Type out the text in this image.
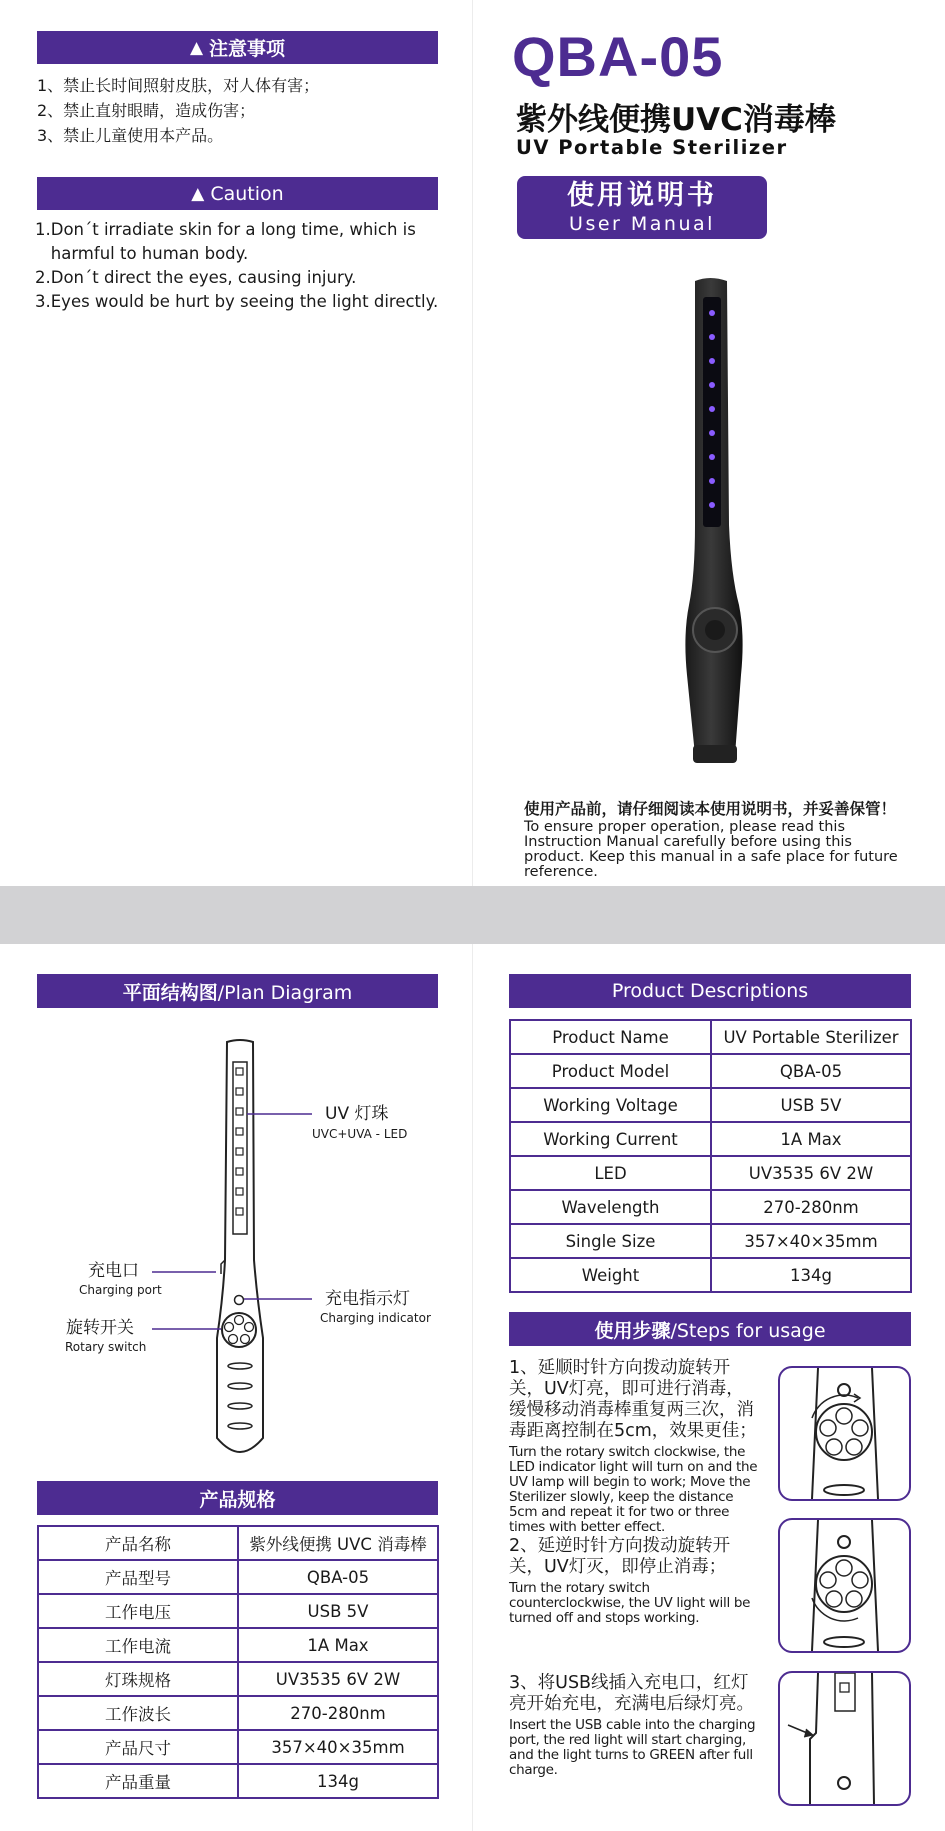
▲ 注意事项
1、禁止长时间照射皮肤，对人体有害；
2、禁止直射眼睛，造成伤害；
3、禁止儿童使用本产品。
▲ Caution
1. Don´t irradiate skin for a long time, which is harmful to human body.
2. Don´t direct the eyes, causing injury.
3. Eyes would be hurt by seeing the light directly.
QBA-05
紫外线便携UVC消毒棒
UV Portable Sterilizer
使用说明书
User Manual
使用产品前，请仔细阅读本使用说明书，并妥善保管！
To ensure proper operation, please read this Instruction Manual carefully before using this product. Keep this manual in a safe place for future reference.
平面结构图/Plan Diagram
UV 灯珠
UVC+UVA - LED
充电口
Charging port	充电指示灯
Charging indicator
旋转开关
Rotary switch
产品规格
产品名称	紫外线便携 UVC 消毒棒
产品型号	QBA-05
工作电压	USB 5V
工作电流	1A Max
灯珠规格	UV3535 6V 2W
工作波长	270-280nm
产品尺寸	357×40×35mm
产品重量	134g
Product Descriptions
Product Name	UV Portable Sterilizer
Product Model	QBA-05
Working Voltage	USB 5V
Working Current	1A Max
LED	UV3535 6V 2W
Wavelength	270-280nm
Single Size	357×40×35mm
Weight	134g
使用步骤/Steps for usage
1、延顺时针方向拨动旋转开关，UV灯亮，即可进行消毒，缓慢移动消毒棒重复两三次，消毒距离控制在5cm，效果更佳；
Turn the rotary switch clockwise, the LED indicator light will turn on and the UV lamp will begin to work; Move the Sterilizer slowly, keep the distance 5cm and repeat it for two or three times with better effect.
2、延逆时针方向拨动旋转开关，UV灯灭，即停止消毒；
Turn the rotary switch counterclockwise, the UV light will be turned off and stops working.
3、将USB线插入充电口，红灯亮开始充电，充满电后绿灯亮。
Insert the USB cable into the charging port, the red light will start charging, and the light turns to GREEN after full charge.
